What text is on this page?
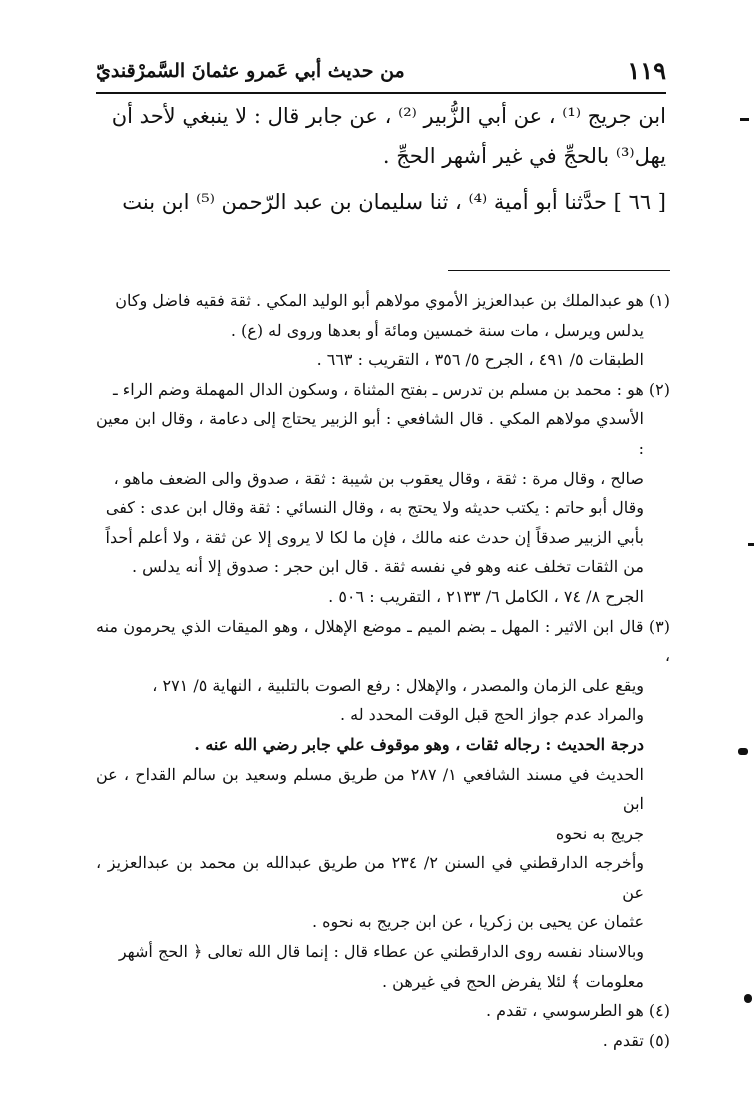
١١٩
من حديث أبي عَمرو عثمانَ السَّمرْقنديّ

ابن جريج ⁽¹⁾ ، عن أبي الزُّبير ⁽²⁾ ، عن جابر قال : لا ينبغي لأحد أن

يهل⁽³⁾ بالحجِّ في غير أشهر الحجِّ .

[ ٦٦ ] حدَّثنا أبو أمية ⁽⁴⁾ ، ثنا سليمان بن عبد الرّحمن ⁽⁵⁾ ابن بنت

(١) هو عبدالملك بن عبدالعزيز الأموي مولاهم أبو الوليد المكي . ثقة فقيه فاضل وكان

يدلس ويرسل ، مات سنة خمسين ومائة أو بعدها وروى له (ع) .

الطبقات ٥/ ٤٩١ ، الجرح ٥/ ٣٥٦ ، التقريب : ٦٦٣ .

(٢) هو : محمد بن مسلم بن تدرس ـ بفتح المثناة ، وسكون الدال المهملة وضم الراء ـ

الأسدي مولاهم المكي . قال الشافعي : أبو الزبير يحتاج إلى دعامة ، وقال ابن معين :

صالح ، وقال مرة : ثقة ، وقال يعقوب بن شيبة : ثقة ، صدوق والى الضعف ماهو ،

وقال أبو حاتم : يكتب حديثه ولا يحتج به ، وقال النسائي : ثقة وقال ابن عدى : كفى

بأبي الزبير صدقاً إن حدث عنه مالك ، فإن ما لكا لا يروى إلا عن ثقة ، ولا أعلم أحداً

من الثقات تخلف عنه وهو في نفسه ثقة . قال ابن حجر : صدوق إلا أنه يدلس .

الجرح ٨/ ٧٤ ، الكامل ٦/ ٢١٣٣ ، التقريب : ٥٠٦ .

(٣) قال ابن الاثير : المهل ـ بضم الميم ـ موضع الإهلال ، وهو الميقات الذي يحرمون منه ،

ويقع على الزمان والمصدر ، والإهلال : رفع الصوت بالتلبية ، النهاية ٥/ ٢٧١ ،

والمراد عدم جواز الحج قبل الوقت المحدد له .

درجة الحديث : رجاله ثقات ، وهو موقوف علي جابر رضي الله عنه .

الحديث في مسند الشافعي ١/ ٢٨٧ من طريق مسلم وسعيد بن سالم القداح ، عن ابن

جريج به نحوه

وأخرجه الدارقطني في السنن ٢/ ٢٣٤ من طريق عبدالله بن محمد بن عبدالعزيز ، عن

عثمان عن يحيى بن زكريا ، عن ابن جريج به نحوه .

وبالاسناد نفسه روى الدارقطني عن عطاء قال : إنما قال الله تعالى ﴿ الحج أشهر

معلومات ﴾ لئلا يفرض الحج في غيرهن .

(٤) هو الطرسوسي ، تقدم .

(٥) تقدم .
